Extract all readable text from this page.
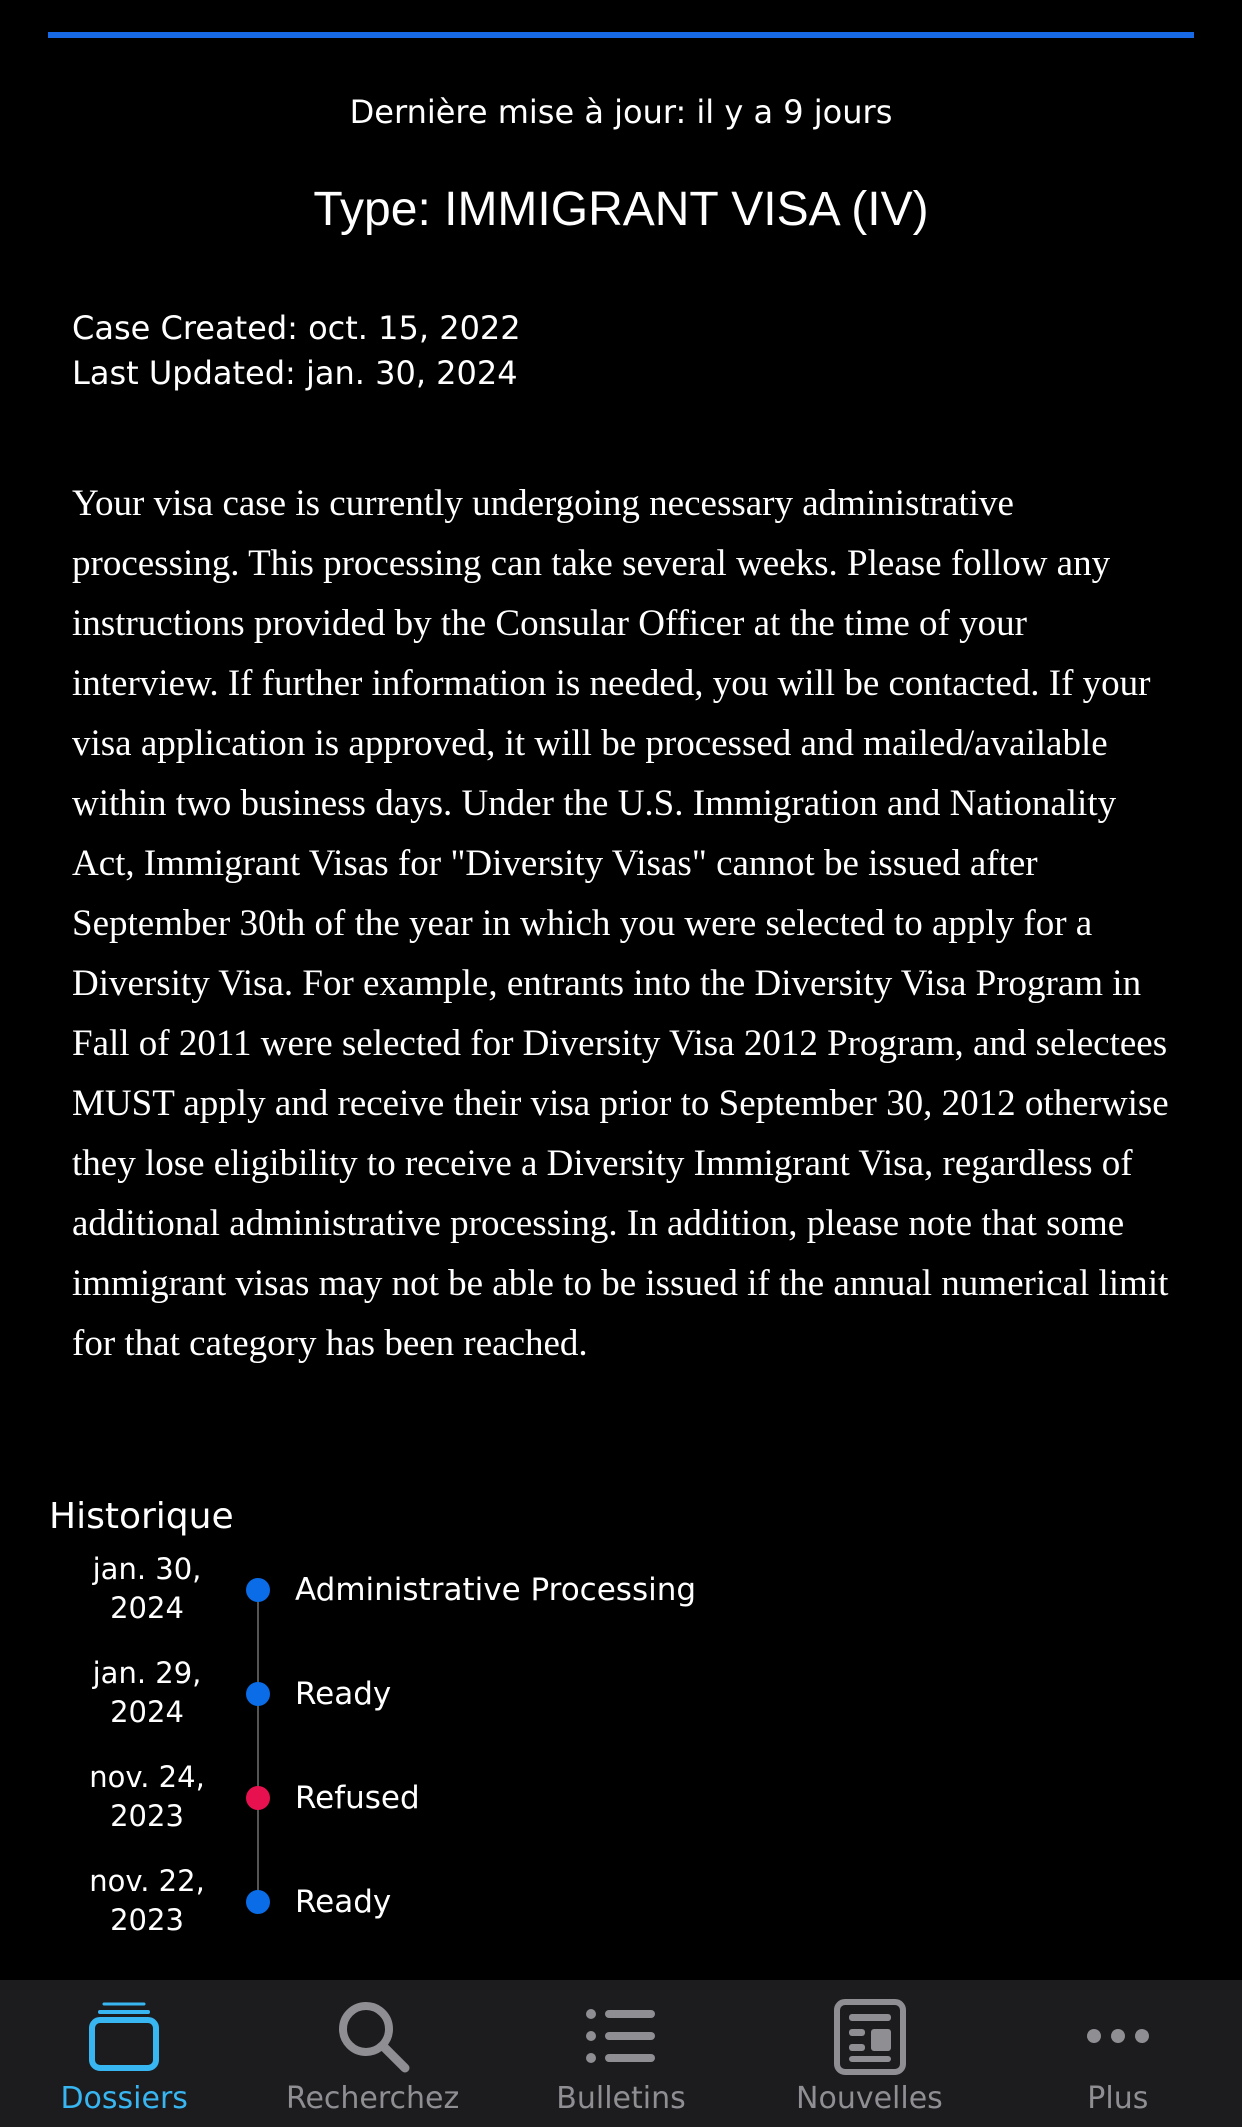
Dernière mise à jour: il y a 9 jours
Type: IMMIGRANT VISA (IV)
Case Created: oct. 15, 2022
Last Updated: jan. 30, 2024

Your visa case is currently undergoing necessary administrative processing. This processing can take several weeks. Please follow any instructions provided by the Consular Officer at the time of your interview. If further information is needed, you will be contacted. If your visa application is approved, it will be processed and mailed/available within two business days. Under the U.S. Immigration and Nationality Act, Immigrant Visas for "Diversity Visas" cannot be issued after September 30th of the year in which you were selected to apply for a Diversity Visa. For example, entrants into the Diversity Visa Program in Fall of 2011 were selected for Diversity Visa 2012 Program, and selectees MUST apply and receive their visa prior to September 30, 2012 otherwise they lose eligibility to receive a Diversity Immigrant Visa, regardless of additional administrative processing. In addition, please note that some immigrant visas may not be able to be issued if the annual numerical limit for that category has been reached.

Historique
jan. 30,
2024	Administrative Processing
jan. 29,
2024	Ready
nov. 24,
2023	Refused
nov. 22,
2023	Ready
Dossiers	Recherchez	Bulletins	Nouvelles	Plus
